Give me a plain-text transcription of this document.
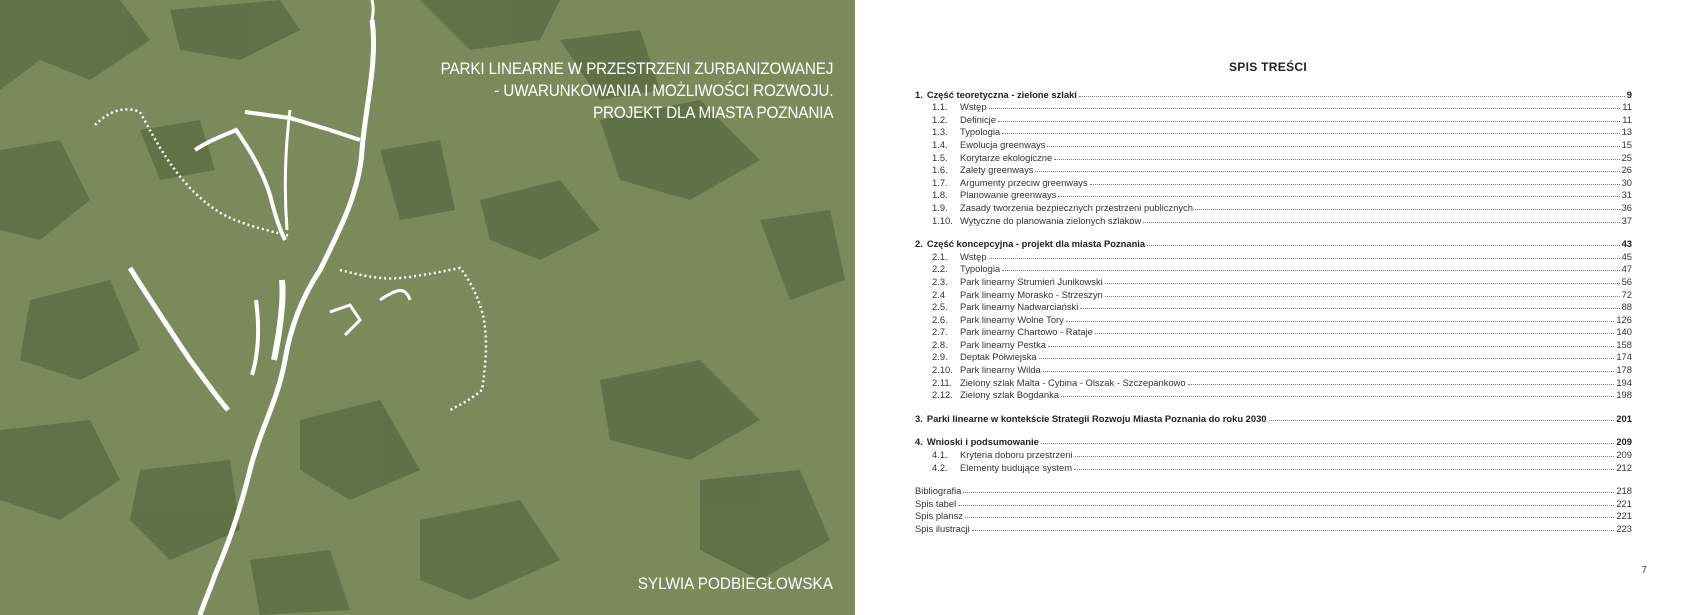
PARKI LINEARNE W PRZESTRZENI ZURBANIZOWANEJ
- UWARUNKOWANIA I MOŻLIWOŚCI ROZWOJU.
PROJEKT DLA MIASTA POZNANIA
SYLWIA PODBIEGŁOWSKA
SPIS TREŚCI
1. Część teoretyczna - zielone szlaki	9
1.1.	Wstęp	11
1.2.	Definicje	11
1.3.	Typologia	13
1.4.	Ewolucja greenways	15
1.5.	Korytarze ekologiczne	25
1.6.	Zalety greenways	26
1.7.	Argumenty przeciw greenways	30
1.8.	Planowanie greenways	31
1.9.	Zasady tworzenia bezpiecznych przestrzeni publicznych	36
1.10. Wytyczne do planowania zielonych szlaków	37
2. Część koncepcyjna - projekt dla miasta Poznania	43
2.1.	Wstęp	45
2.2.	Typologia	47
2.3.	Park linearny Strumień Junikowski	56
2.4	Park linearny Morasko - Strzeszyn	72
2.5.	Park linearny Nadwarciański	88
2.6.	Park linearny Wolne Tory	126
2.7.	Park linearny Chartowo - Rataje	140
2.8.	Park linearny Pestka	158
2.9.	Deptak Półwiejska	174
2.10. Park linearny Wilda	178
2.11. Zielony szlak Malta - Cybina - Olszak - Szczepankowo	194
2.12. Zielony szlak Bogdanka	198
3. Parki linearne w kontekście Strategii Rozwoju Miasta Poznania do roku 2030	201
4. Wnioski i podsumowanie	209
4.1.	Kryteria doboru przestrzeni	209
4.2.	Elementy budujące system	212
Bibliografia	218
Spis tabel	221
Spis plansz	221
Spis ilustracji	223
7
